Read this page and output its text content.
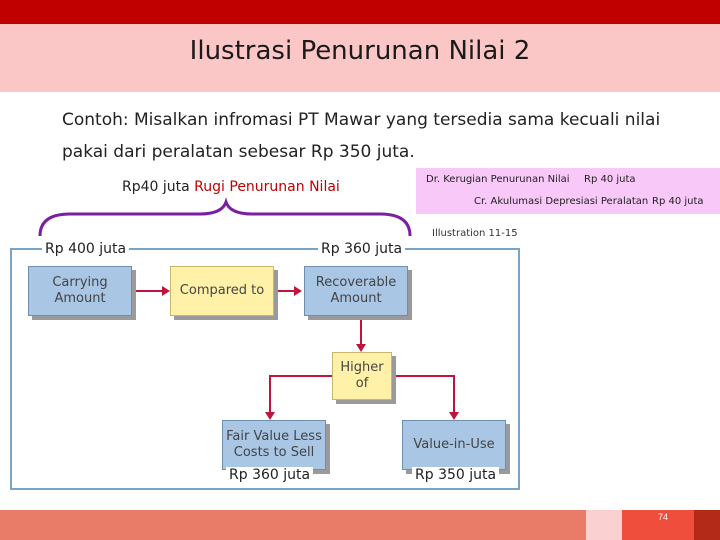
Ilustrasi Penurunan Nilai 2
Contoh: Misalkan infromasi PT Mawar yang tersedia sama kecuali nilai pakai dari peralatan sebesar Rp 350 juta.
Dr. Kerugian Penurunan Nilai Rp 40 juta
Cr. Akulumasi Depresiasi Peralatan Rp 40 juta
Rp40 juta Rugi Penurunan Nilai
Illustration 11-15
Carrying Amount
Compared to
Recoverable Amount
Higher of
Fair Value Less Costs to Sell
Value-in-Use
Rp 400 juta	Rp 360 juta
Rp 360 juta	Rp 350 juta
74
